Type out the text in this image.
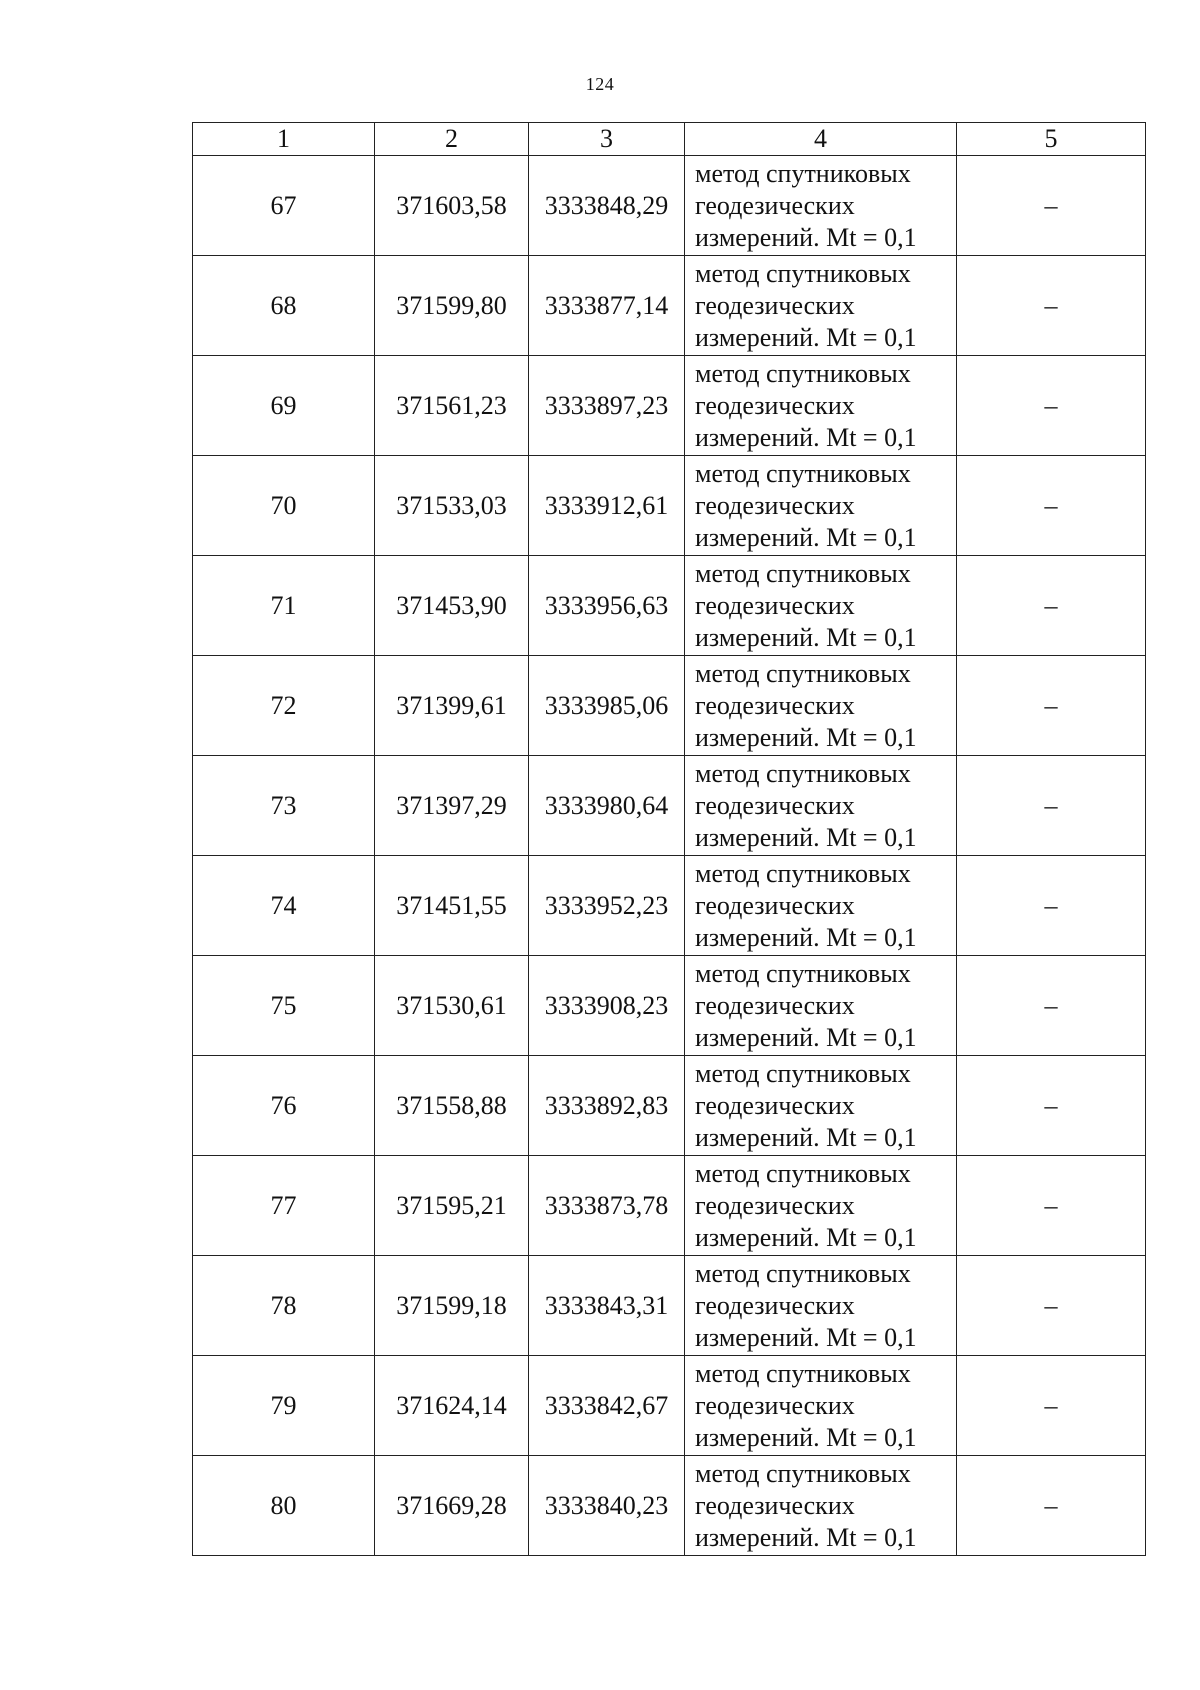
124
1	2	3	4	5
67	371603,58	3333848,29	метод спутниковых
геодезических
измерений. Mt = 0,1	–
68	371599,80	3333877,14	метод спутниковых
геодезических
измерений. Mt = 0,1	–
69	371561,23	3333897,23	метод спутниковых
геодезических
измерений. Mt = 0,1	–
70	371533,03	3333912,61	метод спутниковых
геодезических
измерений. Mt = 0,1	–
71	371453,90	3333956,63	метод спутниковых
геодезических
измерений. Mt = 0,1	–
72	371399,61	3333985,06	метод спутниковых
геодезических
измерений. Mt = 0,1	–
73	371397,29	3333980,64	метод спутниковых
геодезических
измерений. Mt = 0,1	–
74	371451,55	3333952,23	метод спутниковых
геодезических
измерений. Mt = 0,1	–
75	371530,61	3333908,23	метод спутниковых
геодезических
измерений. Mt = 0,1	–
76	371558,88	3333892,83	метод спутниковых
геодезических
измерений. Mt = 0,1	–
77	371595,21	3333873,78	метод спутниковых
геодезических
измерений. Mt = 0,1	–
78	371599,18	3333843,31	метод спутниковых
геодезических
измерений. Mt = 0,1	–
79	371624,14	3333842,67	метод спутниковых
геодезических
измерений. Mt = 0,1	–
80	371669,28	3333840,23	метод спутниковых
геодезических
измерений. Mt = 0,1	–
